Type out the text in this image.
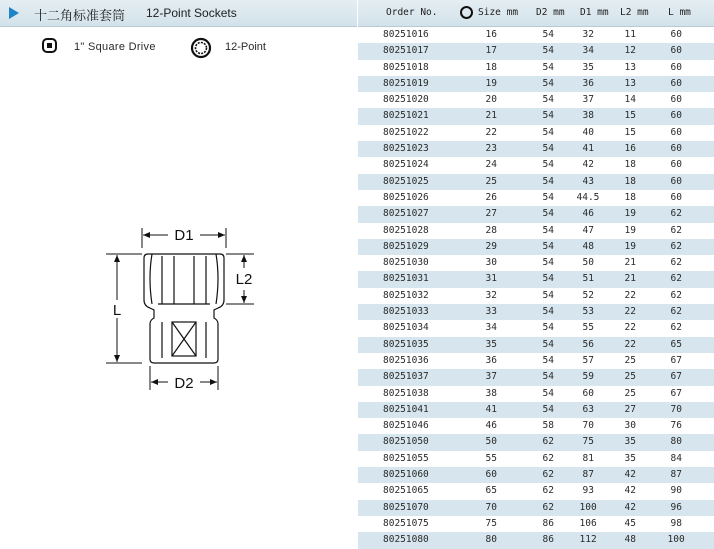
十二角标准套筒 12-Point Sockets
1" Square Drive	12-Point
D1
L
L2
D2
Order No.	Size mm D2 mm D1 mm L2 mm L mm
80251016	16	54	32	11	60
80251017	17	54	34	12	60
80251018	18	54	35	13	60
80251019	19	54	36	13	60
80251020	20	54	37	14	60
80251021	21	54	38	15	60
80251022	22	54	40	15	60
80251023	23	54	41	16	60
80251024	24	54	42	18	60
80251025	25	54	43	18	60
80251026	26	54 44.5	18	60
80251027	27	54	46	19	62
80251028	28	54	47	19	62
80251029	29	54	48	19	62
80251030	30	54	50	21	62
80251031	31	54	51	21	62
80251032	32	54	52	22	62
80251033	33	54	53	22	62
80251034	34	54	55	22	62
80251035	35	54	56	22	65
80251036	36	54	57	25	67
80251037	37	54	59	25	67
80251038	38	54	60	25	67
80251041	41	54	63	27	70
80251046	46	58	70	30	76
80251050	50	62	75	35	80
80251055	55	62	81	35	84
80251060	60	62	87	42	87
80251065	65	62	93	42	90
80251070	70	62	100	42	96
80251075	75	86	106	45	98
80251080	80	86	112	48	100
